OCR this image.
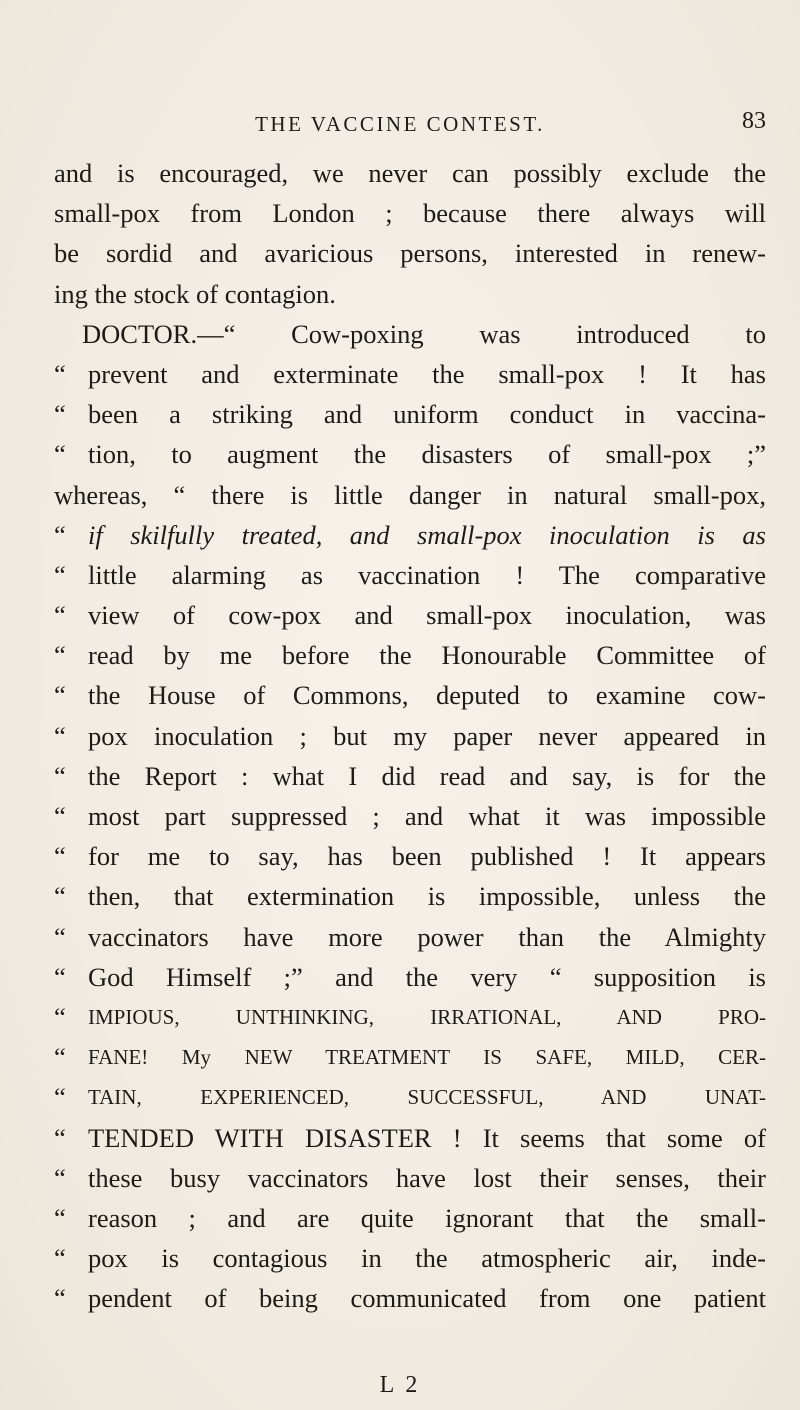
THE VACCINE CONTEST.	83
and is encouraged, we never can possibly exclude the
small-pox from London ; because there always will
be sordid and avaricious persons, interested in renew-
ing the stock of contagion.
DOCTOR.—“ Cow-poxing was introduced to
“ prevent and exterminate the small-pox ! It has
“ been a striking and uniform conduct in vaccina-
“ tion, to augment the disasters of small-pox ;”
whereas, “ there is little danger in natural small-pox,
“ if skilfully treated, and small-pox inoculation is as
“ little alarming as vaccination ! The comparative
“ view of cow-pox and small-pox inoculation, was
“ read by me before the Honourable Committee of
“ the House of Commons, deputed to examine cow-
“ pox inoculation ; but my paper never appeared in
“ the Report : what I did read and say, is for the
“ most part suppressed ; and what it was impossible
“ for me to say, has been published ! It appears
“ then, that extermination is impossible, unless the
“ vaccinators have more power than the Almighty
“ God Himself ;” and the very “ supposition is
“	IMPIOUS, UNTHINKING, IRRATIONAL, AND PRO-
“	FANE! My NEW TREATMENT IS SAFE, MILD, CER-
“	TAIN, EXPERIENCED, SUCCESSFUL, AND UNAT-
“ TENDED WITH DISASTER ! It seems that some of
“ these busy vaccinators have lost their senses, their
“ reason ; and are quite ignorant that the small-
“ pox is contagious in the atmospheric air, inde-
“ pendent of being communicated from one patient
L 2
